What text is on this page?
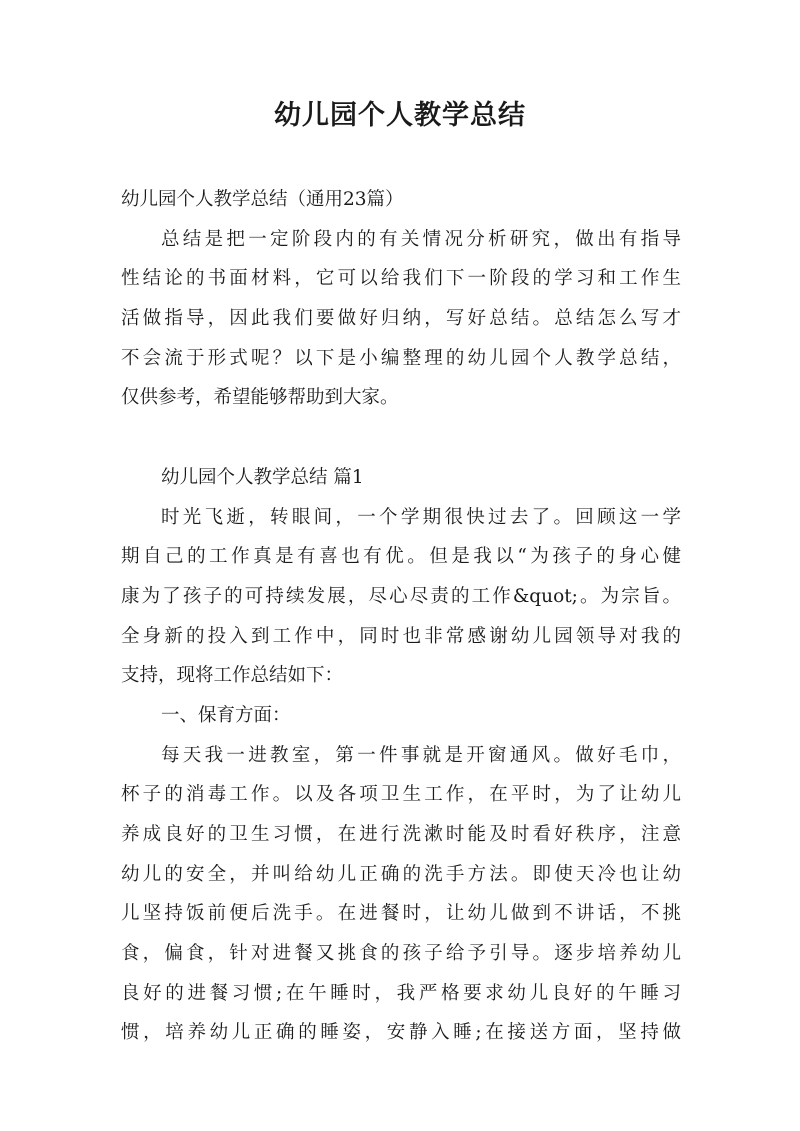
幼儿园个人教学总结
幼儿园个人教学总结（通用23篇）
总结是把一定阶段内的有关情况分析研究，做出有指导
性结论的书面材料，它可以给我们下一阶段的学习和工作生
活做指导，因此我们要做好归纳，写好总结。总结怎么写才
不会流于形式呢？以下是小编整理的幼儿园个人教学总结，
仅供参考，希望能够帮助到大家。
幼儿园个人教学总结 篇1
时光飞逝，转眼间，一个学期很快过去了。回顾这一学
期自己的工作真是有喜也有优。但是我以“为孩子的身心健
康为了孩子的可持续发展，尽心尽责的工作&quot;。为宗旨。
全身新的投入到工作中，同时也非常感谢幼儿园领导对我的
支持，现将工作总结如下：
一、保育方面：
每天我一进教室，第一件事就是开窗通风。做好毛巾，
杯子的消毒工作。以及各项卫生工作，在平时，为了让幼儿
养成良好的卫生习惯，在进行洗漱时能及时看好秩序，注意
幼儿的安全，并叫给幼儿正确的洗手方法。即使天冷也让幼
儿坚持饭前便后洗手。在进餐时，让幼儿做到不讲话，不挑
食，偏食，针对进餐又挑食的孩子给予引导。逐步培养幼儿
良好的进餐习惯;在午睡时，我严格要求幼儿良好的午睡习
惯，培养幼儿正确的睡姿，安静入睡;在接送方面，坚持做
